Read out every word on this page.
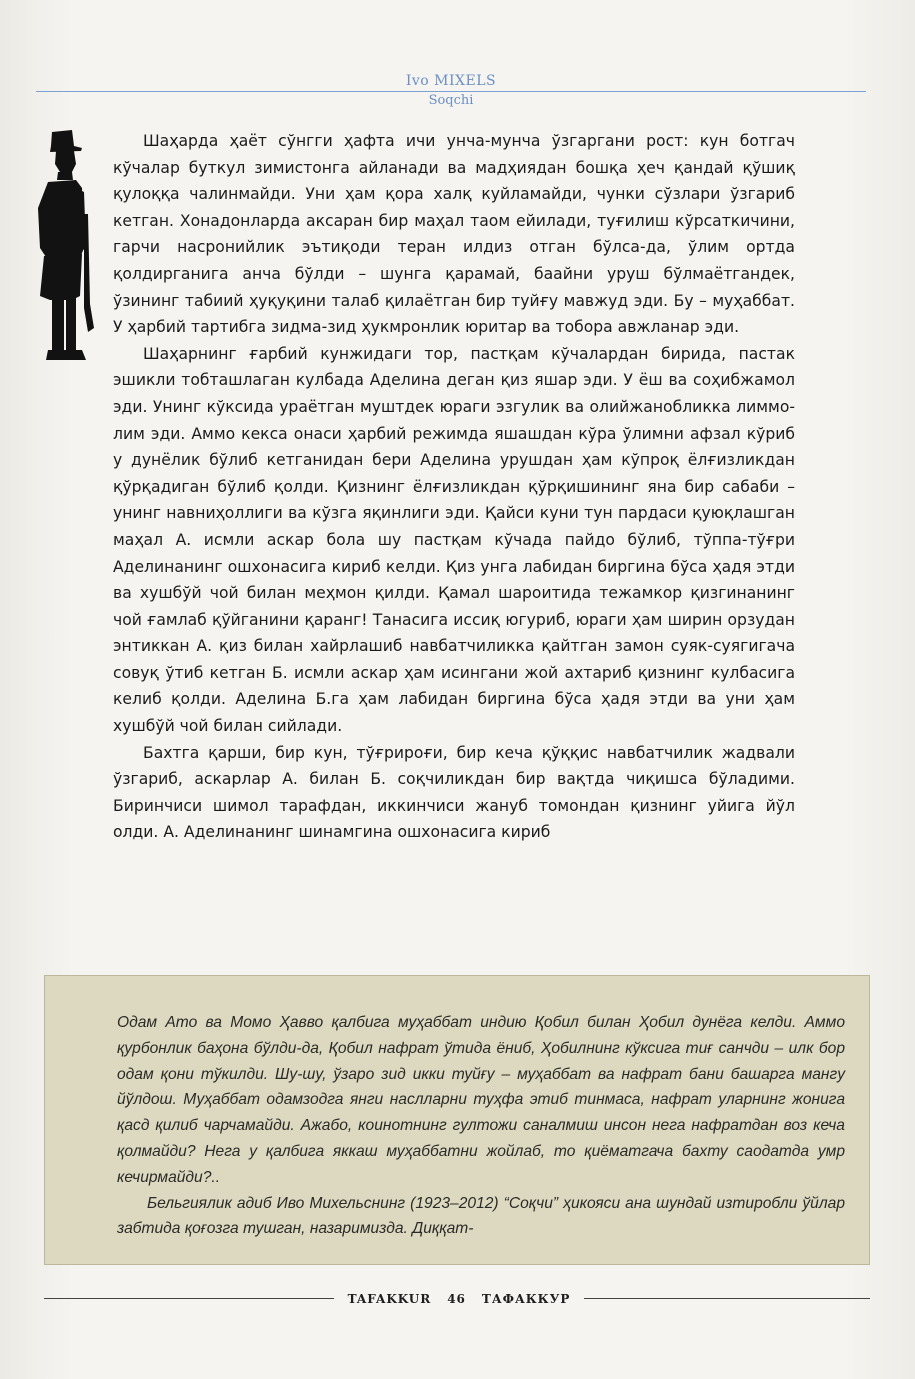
Ivo MIXELS
Soqchi

Шаҳарда ҳаёт сўнгги ҳафта ичи унча-мунча ўзгаргани рост: кун ботгач кўчалар буткул зимистонга айланади ва мадҳиядан бошқа ҳеч қандай қўшиқ қулоққа чалинмайди. Уни ҳам қора халқ куйламайди, чунки сўзлари ўзгариб кетган. Хонадонларда аксаран бир маҳал таом ейилади, туғилиш кўрсаткичини, гарчи насронийлик эътиқоди теран илдиз отган бўлса-да, ўлим ортда қолдирганига анча бўлди – шунга қарамай, баайни уруш бўлмаётгандек, ўзининг табиий ҳуқуқини талаб қилаётган бир туйғу мавжуд эди. Бу – муҳаббат. У ҳарбий тартибга зидма-зид ҳукмронлик юритар ва тобора авжланар эди.

Шаҳарнинг ғарбий кунжидаги тор, пастқам кўчалардан бирида, пастак эшикли тобташлаган кулбада Аделина деган қиз яшар эди. У ёш ва соҳибжамол эди. Унинг кўксида ураётган муштдек юраги эзгулик ва олийжанобликка лиммо-лим эди. Аммо кекса онаси ҳарбий режимда яшашдан кўра ўлимни афзал кўриб у дунёлик бўлиб кетганидан бери Аделина урушдан ҳам кўпроқ ёлғизликдан қўрқадиган бўлиб қолди. Қизнинг ёлғизликдан қўрқишининг яна бир сабаби – унинг навниҳоллиги ва кўзга яқинлиги эди. Қайси куни тун пардаси қуюқлашган маҳал А. исмли аскар бола шу пастқам кўчада пайдо бўлиб, тўппа-тўғри Аделинанинг ошхонасига кириб келди. Қиз унга лабидан биргина бўса ҳадя этди ва хушбўй чой билан меҳмон қилди. Қамал шароитида тежамкор қизгинанинг чой ғамлаб қўйганини қаранг! Танасига иссиқ югуриб, юраги ҳам ширин орзудан энтиккан А. қиз билан хайрлашиб навбатчиликка қайтган замон суяк-суягигача совуқ ўтиб кетган Б. исмли аскар ҳам исингани жой ахтариб қизнинг кулбасига келиб қолди. Аделина Б.га ҳам лабидан биргина бўса ҳадя этди ва уни ҳам хушбўй чой билан сийлади.

Бахтга қарши, бир кун, тўғрироғи, бир кеча қўққис навбатчилик жадвали ўзгариб, аскарлар А. билан Б. соқчиликдан бир вақтда чиқишса бўладими. Биринчиси шимол тарафдан, иккинчиси жануб томондан қизнинг уйига йўл олди. А. Аделинанинг шинамгина ошхонасига кириб

Одам Ато ва Момо Ҳавво қалбига муҳаббат индию Қобил билан Ҳобил дунёга келди. Аммо қурбонлик баҳона бўлди-да, Қобил нафрат ўтида ёниб, Ҳобилнинг кўксига тиғ санчди – илк бор одам қони тўкилди. Шу-шу, ўзаро зид икки туйғу – муҳаббат ва нафрат бани башарга мангу йўлдош. Муҳаббат одамзодга янги наслларни туҳфа этиб тинмаса, нафрат уларнинг жонига қасд қилиб чарчамайди. Ажабо, коинотнинг гултожи саналмиш инсон нега нафратдан воз кеча қолмайди? Нега у қалбига яккаш муҳаббатни жойлаб, то қиёматгача бахту саодатда умр кечирмайди?..

Бельгиялик адиб Иво Михельснинг (1923–2012) “Соқчи” ҳикояси ана шундай изтиробли ўйлар забтида қоғозга тушган, назаримизда. Диққат-

TAFAKKUR 46 ТАФАККУР
